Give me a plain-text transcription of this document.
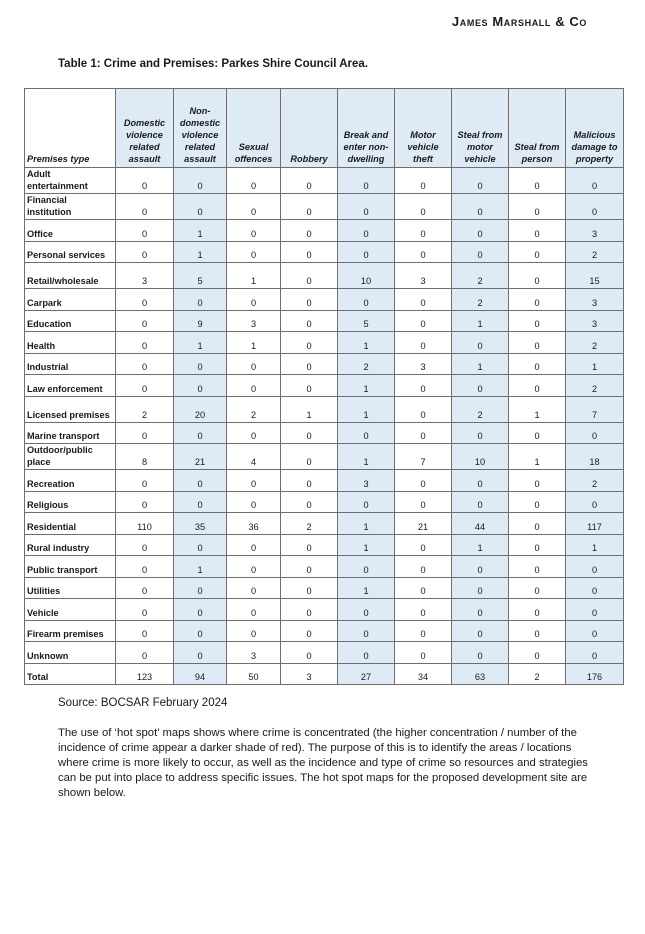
James Marshall & Co
Table 1: Crime and Premises: Parkes Shire Council Area.
Premises type	Domestic violence related assault	Non-domestic violence related assault	Sexual offences	Robbery	Break and enter non-dwelling	Motor vehicle theft	Steal from motor vehicle	Steal from person	Malicious damage to property
Adult entertainment	0	0	0	0	0	0	0	0	0
Financial institution	0	0	0	0	0	0	0	0	0
Office	0	1	0	0	0	0	0	0	3
Personal services	0	1	0	0	0	0	0	0	2
Retail/wholesale	3	5	1	0	10	3	2	0	15
Carpark	0	0	0	0	0	0	2	0	3
Education	0	9	3	0	5	0	1	0	3
Health	0	1	1	0	1	0	0	0	2
Industrial	0	0	0	0	2	3	1	0	1
Law enforcement	0	0	0	0	1	0	0	0	2
Licensed premises	2	20	2	1	1	0	2	1	7
Marine transport	0	0	0	0	0	0	0	0	0
Outdoor/public place	8	21	4	0	1	7	10	1	18
Recreation	0	0	0	0	3	0	0	0	2
Religious	0	0	0	0	0	0	0	0	0
Residential	110	35	36	2	1	21	44	0	117
Rural industry	0	0	0	0	1	0	1	0	1
Public transport	0	1	0	0	0	0	0	0	0
Utilities	0	0	0	0	1	0	0	0	0
Vehicle	0	0	0	0	0	0	0	0	0
Firearm premises	0	0	0	0	0	0	0	0	0
Unknown	0	0	3	0	0	0	0	0	0
Total	123	94	50	3	27	34	63	2	176
Source: BOCSAR February 2024
The use of ‘hot spot’ maps shows where crime is concentrated (the higher concentration / number of the incidence of crime appear a darker shade of red). The purpose of this is to identify the areas / locations where crime is more likely to occur, as well as the incidence and type of crime so resources and strategies can be put into place to address specific issues. The hot spot maps for the proposed development site are shown below.
